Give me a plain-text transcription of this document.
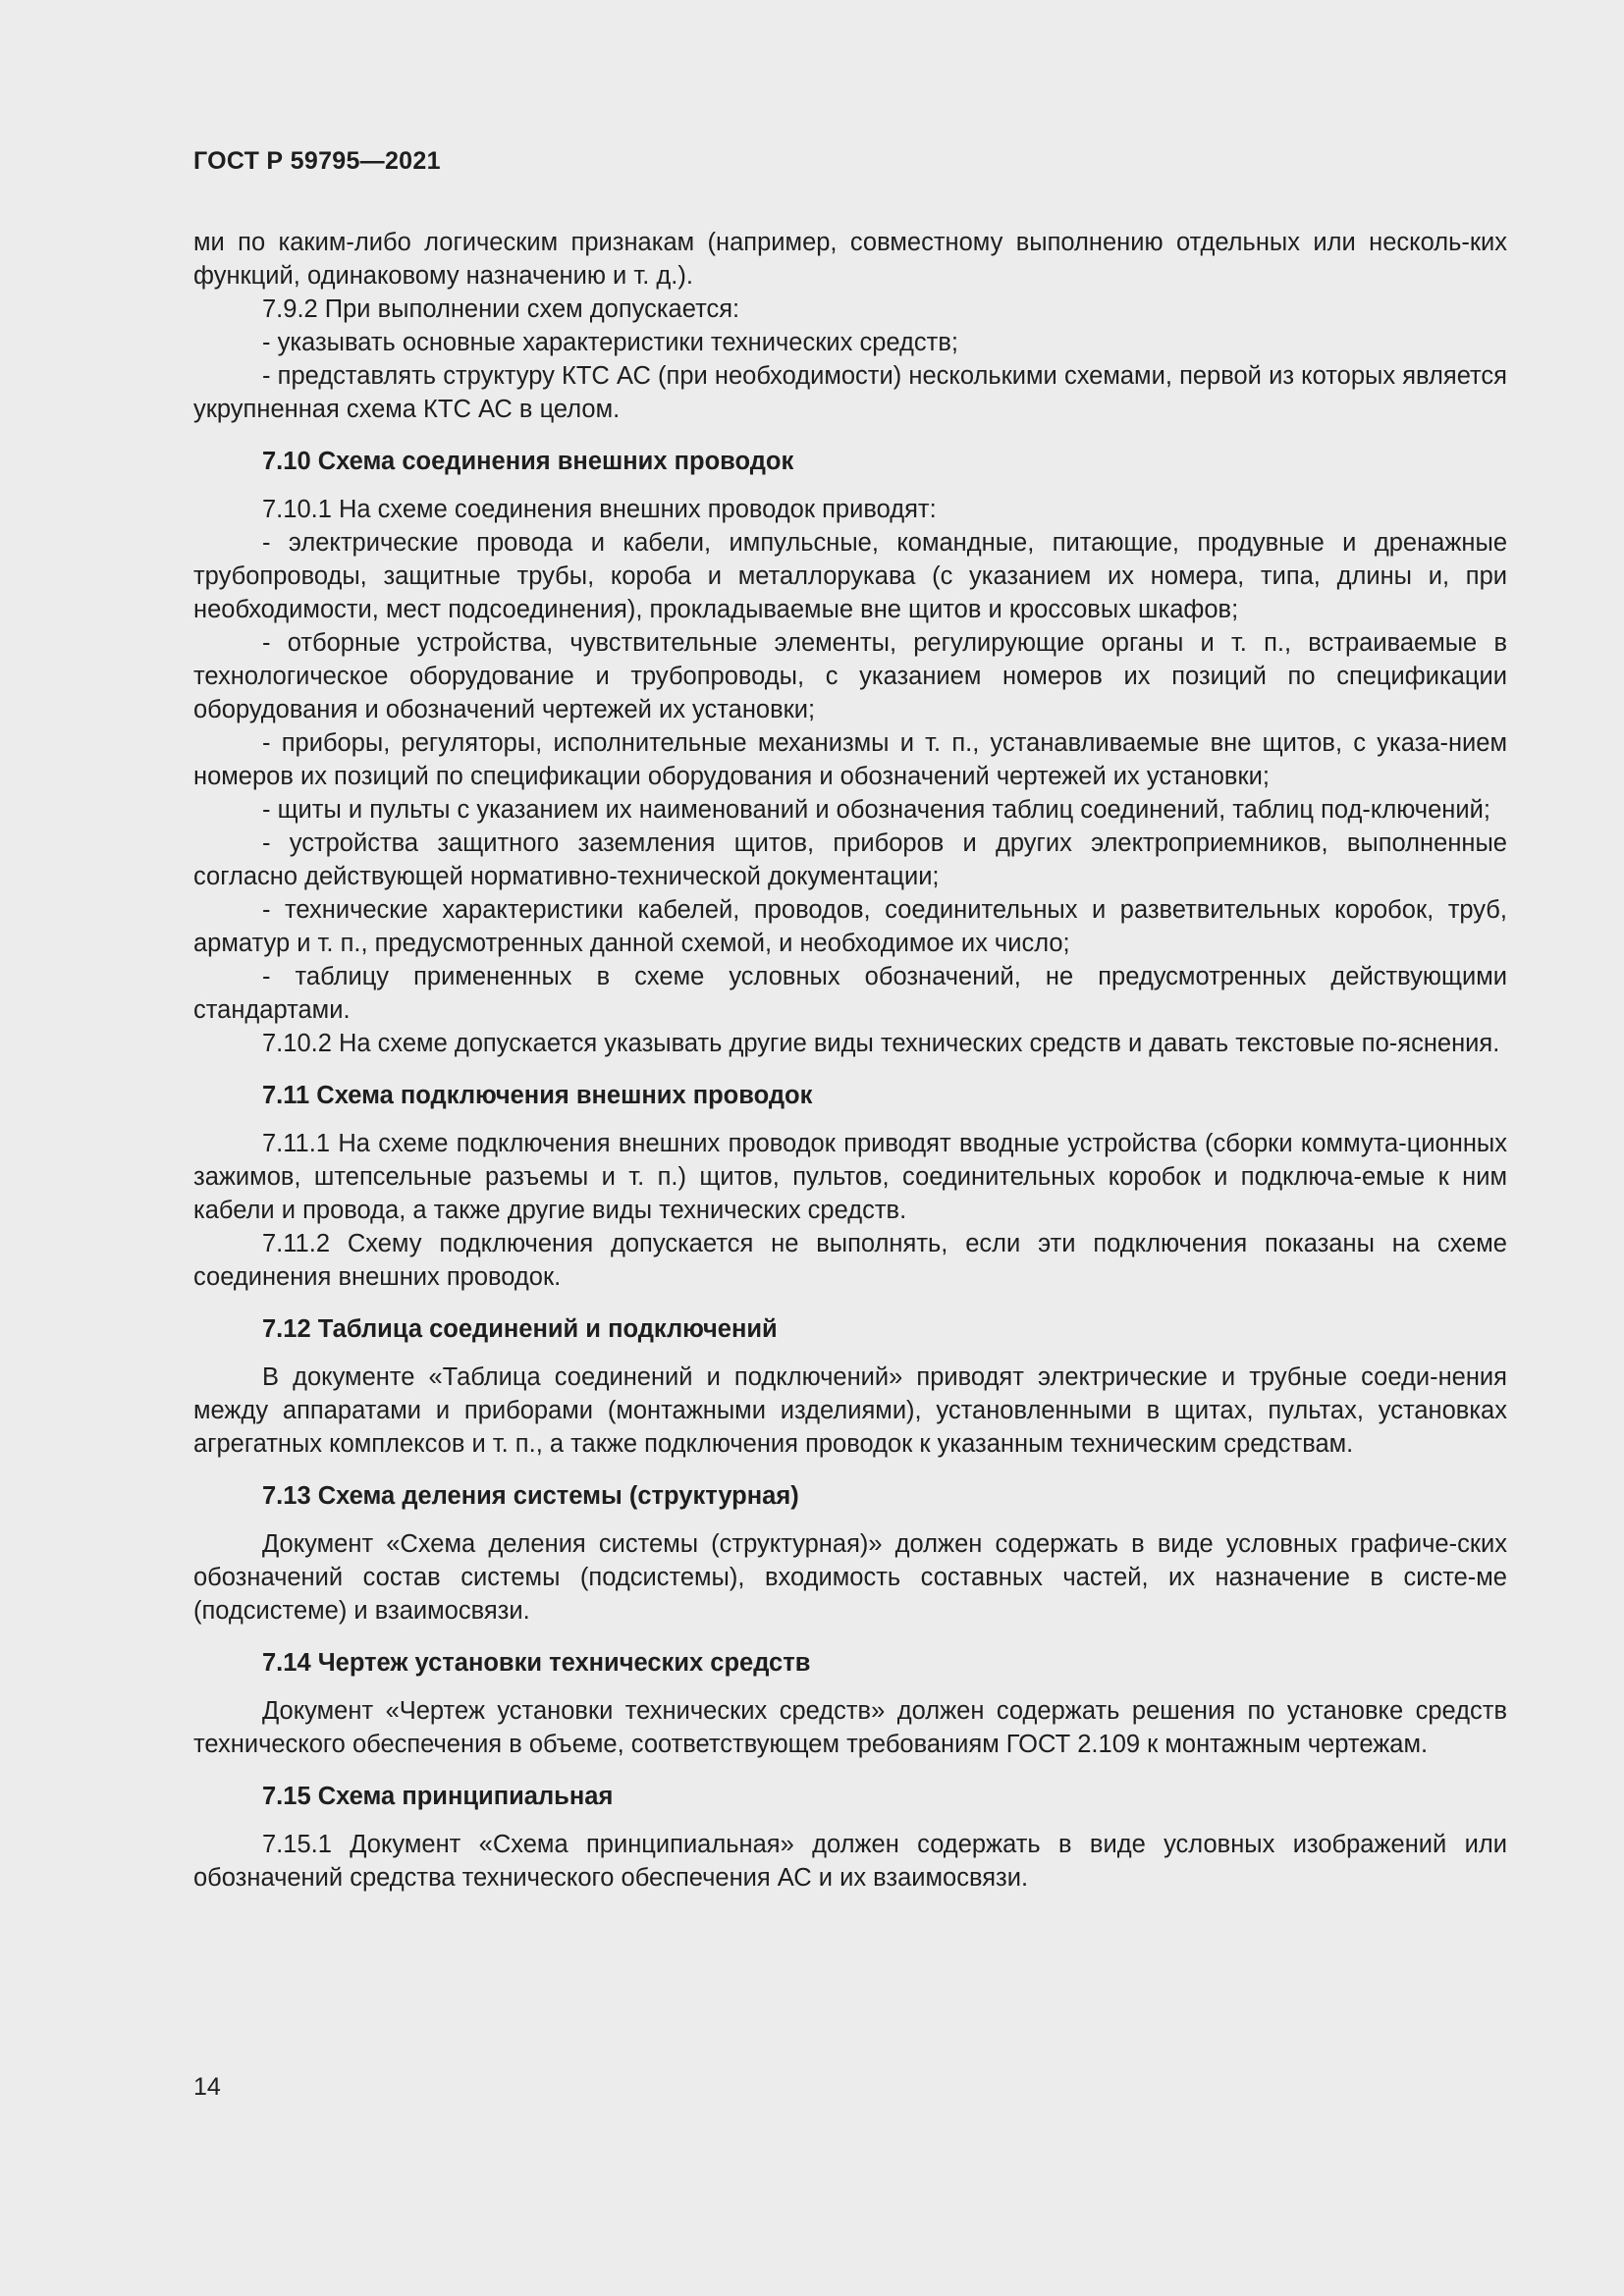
ГОСТ Р 59795—2021

ми по каким-либо логическим признакам (например, совместному выполнению отдельных или несколь-ких функций, одинаковому назначению и т. д.).

7.9.2 При выполнении схем допускается:

- указывать основные характеристики технических средств;

- представлять структуру КТС АС (при необходимости) несколькими схемами, первой из которых является укрупненная схема КТС АС в целом.

7.10 Схема соединения внешних проводок

7.10.1 На схеме соединения внешних проводок приводят:

- электрические провода и кабели, импульсные, командные, питающие, продувные и дренажные трубопроводы, защитные трубы, короба и металлорукава (с указанием их номера, типа, длины и, при необходимости, мест подсоединения), прокладываемые вне щитов и кроссовых шкафов;

- отборные устройства, чувствительные элементы, регулирующие органы и т. п., встраиваемые в технологическое оборудование и трубопроводы, с указанием номеров их позиций по спецификации оборудования и обозначений чертежей их установки;

- приборы, регуляторы, исполнительные механизмы и т. п., устанавливаемые вне щитов, с указа-нием номеров их позиций по спецификации оборудования и обозначений чертежей их установки;

- щиты и пульты с указанием их наименований и обозначения таблиц соединений, таблиц под-ключений;

- устройства защитного заземления щитов, приборов и других электроприемников, выполненные согласно действующей нормативно-технической документации;

- технические характеристики кабелей, проводов, соединительных и разветвительных коробок, труб, арматур и т. п., предусмотренных данной схемой, и необходимое их число;

- таблицу примененных в схеме условных обозначений, не предусмотренных действующими стандартами.

7.10.2 На схеме допускается указывать другие виды технических средств и давать текстовые по-яснения.

7.11 Схема подключения внешних проводок

7.11.1 На схеме подключения внешних проводок приводят вводные устройства (сборки коммута-ционных зажимов, штепсельные разъемы и т. п.) щитов, пультов, соединительных коробок и подключа-емые к ним кабели и провода, а также другие виды технических средств.

7.11.2 Схему подключения допускается не выполнять, если эти подключения показаны на схеме соединения внешних проводок.

7.12 Таблица соединений и подключений

В документе «Таблица соединений и подключений» приводят электрические и трубные соеди-нения между аппаратами и приборами (монтажными изделиями), установленными в щитах, пультах, установках агрегатных комплексов и т. п., а также подключения проводок к указанным техническим средствам.

7.13 Схема деления системы (структурная)

Документ «Схема деления системы (структурная)» должен содержать в виде условных графиче-ских обозначений состав системы (подсистемы), входимость составных частей, их назначение в систе-ме (подсистеме) и взаимосвязи.

7.14 Чертеж установки технических средств

Документ «Чертеж установки технических средств» должен содержать решения по установке средств технического обеспечения в объеме, соответствующем требованиям ГОСТ 2.109 к монтажным чертежам.

7.15 Схема принципиальная

7.15.1 Документ «Схема принципиальная» должен содержать в виде условных изображений или обозначений средства технического обеспечения АС и их взаимосвязи.

14
